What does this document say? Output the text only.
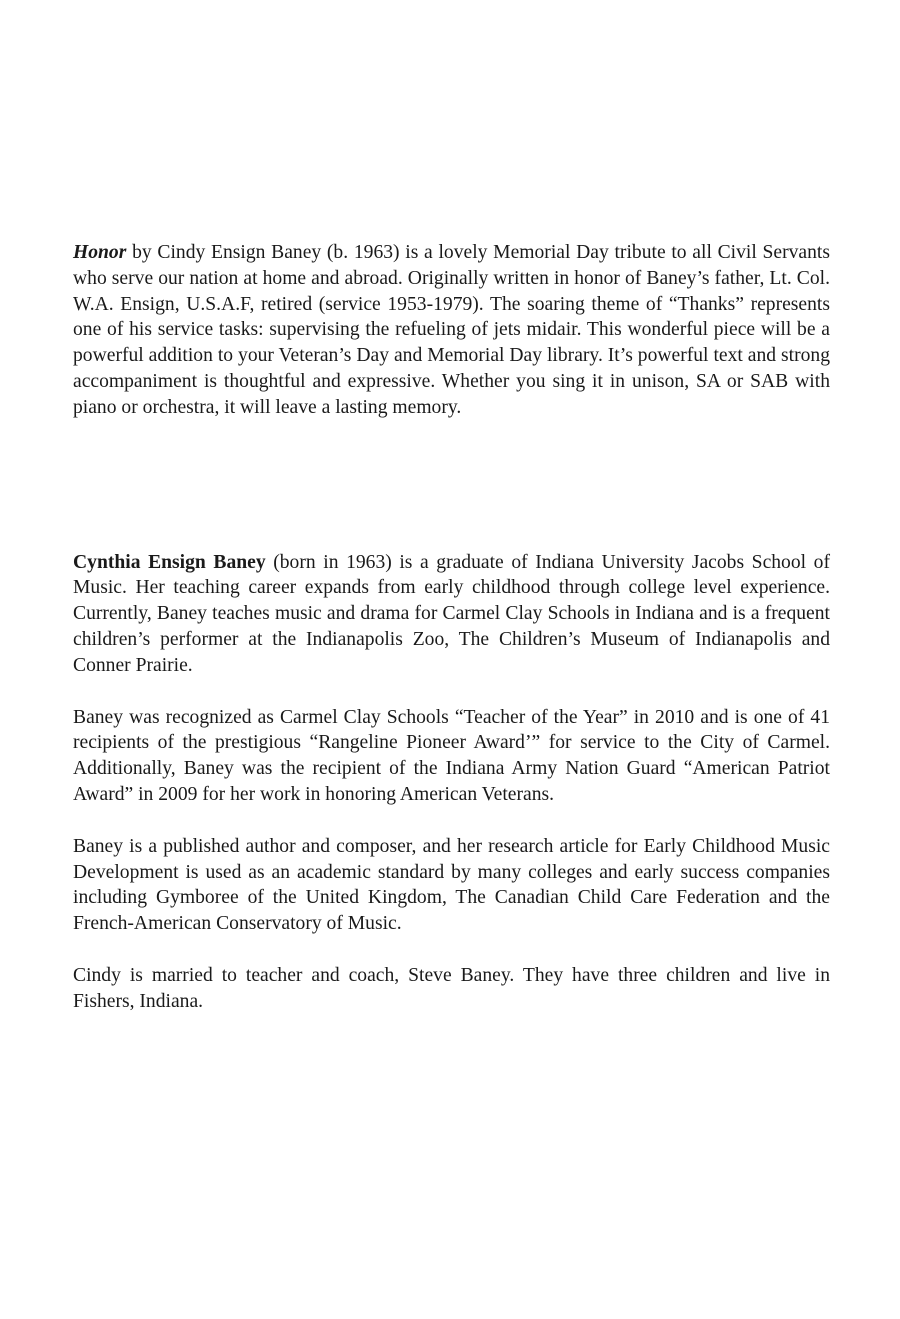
Honor by Cindy Ensign Baney (b. 1963) is a lovely Memorial Day tribute to all Civil Servants who serve our nation at home and abroad. Originally written in honor of Baney’s father, Lt. Col. W.A. Ensign, U.S.A.F, retired (service 1953-1979). The soaring theme of “Thanks” represents one of his service tasks: supervising the refueling of jets midair. This wonderful piece will be a powerful addition to your Veteran’s Day and Memorial Day library. It’s powerful text and strong accompaniment is thoughtful and expressive. Whether you sing it in unison, SA or SAB with piano or orchestra, it will leave a lasting memory.

Cynthia Ensign Baney (born in 1963) is a graduate of Indiana University Jacobs School of Music. Her teaching career expands from early childhood through college level experience. Currently, Baney teaches music and drama for Carmel Clay Schools in Indiana and is a frequent children’s performer at the Indianapolis Zoo, The Children’s Museum of Indianapolis and Conner Prairie.

Baney was recognized as Carmel Clay Schools “Teacher of the Year” in 2010 and is one of 41 recipients of the prestigious “Rangeline Pioneer Award’” for service to the City of Carmel. Additionally, Baney was the recipient of the Indiana Army Nation Guard “American Patriot Award” in 2009 for her work in honoring American Veterans.

Baney is a published author and composer, and her research article for Early Childhood Music Development is used as an academic standard by many colleges and early success companies including Gymboree of the United Kingdom, The Canadian Child Care Federation and the French-American Conservatory of Music.

Cindy is married to teacher and coach, Steve Baney. They have three children and live in Fishers, Indiana.
